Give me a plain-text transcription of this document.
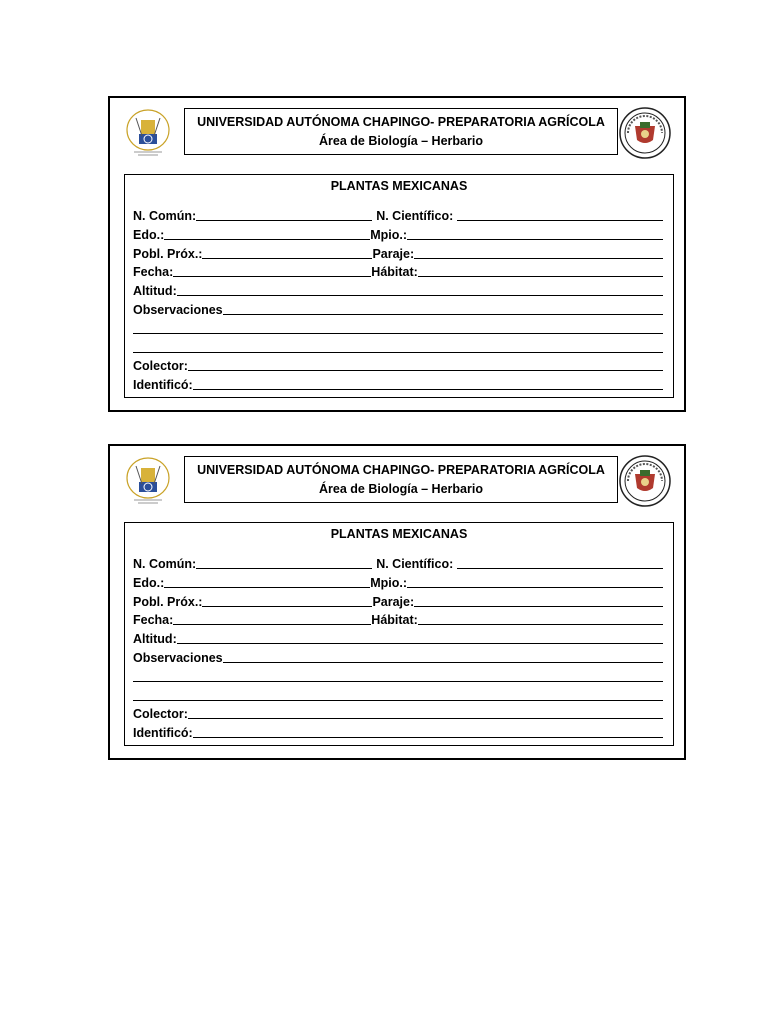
UNIVERSIDAD AUTÓNOMA CHAPINGO- PREPARATORIA AGRÍCOLA
Área de Biología – Herbario
PLANTAS MEXICANAS
N. Común:	N. Científico:
Edo.:	Mpio.:
Pobl. Próx.:	Paraje:
Fecha:	Hábitat:
Altitud:
Observaciones
Colector:
Identificó:
UNIVERSIDAD AUTÓNOMA CHAPINGO- PREPARATORIA AGRÍCOLA
Área de Biología – Herbario
PLANTAS MEXICANAS
N. Común:	N. Científico:
Edo.:	Mpio.:
Pobl. Próx.:	Paraje:
Fecha:	Hábitat:
Altitud:
Observaciones
Colector:
Identificó:
